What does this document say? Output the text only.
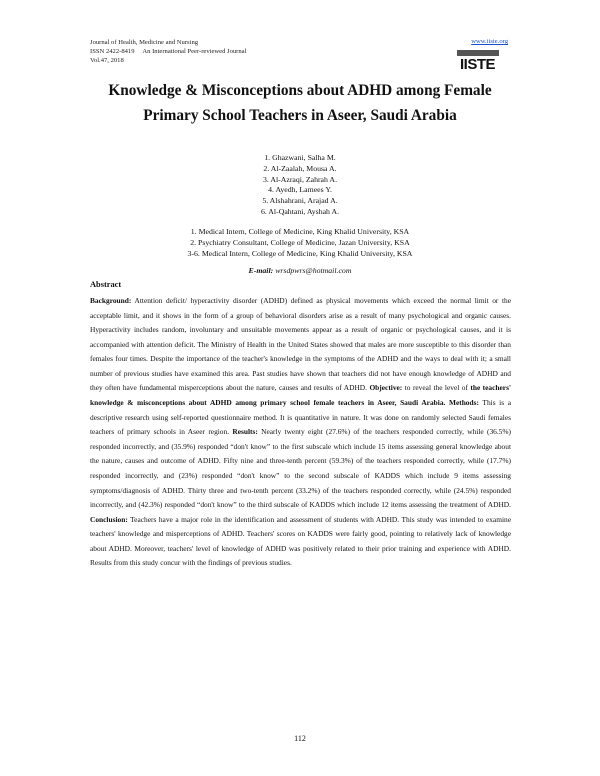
Journal of Health, Medicine and Nursing
ISSN 2422-8419     An International Peer-reviewed Journal
Vol.47, 2018
www.iiste.org
IISTE
Knowledge & Misconceptions about ADHD among Female
Primary School Teachers in Aseer, Saudi Arabia
1. Ghazwani, Salha M.
2. Al-Zaalah, Mousa A.
3. Al-Azraqi, Zahrah A.
4. Ayedh, Lamees Y.
5. Alshahrani, Arajad A.
6. Al-Qahtani, Ayshah A.
1. Medical Intern, College of Medicine, King Khalid University, KSA
2. Psychiatry Consultant, College of Medicine, Jazan University, KSA
3-6. Medical Intern, College of Medicine, King Khalid University, KSA
E-mail: wrsdpwrs@hotmail.com
Abstract
Background: Attention deficit/ hyperactivity disorder (ADHD) defined as physical movements which exceed the normal limit or the acceptable limit, and it shows in the form of a group of behavioral disorders arise as a result of many psychological and organic causes. Hyperactivity includes random, involuntary and unsuitable movements appear as a result of organic or psychological causes, and it is accompanied with attention deficit. The Ministry of Health in the United States showed that males are more susceptible to this disorder than females four times. Despite the importance of the teacher's knowledge in the symptoms of the ADHD and the ways to deal with it; a small number of previous studies have examined this area. Past studies have shown that teachers did not have enough knowledge of ADHD and they often have fundamental misperceptions about the nature, causes and results of ADHD. Objective: to reveal the level of the teachers' knowledge & misconceptions about ADHD among primary school female teachers in Aseer, Saudi Arabia. Methods: This is a descriptive research using self-reported questionnaire method. It is quantitative in nature. It was done on randomly selected Saudi females teachers of primary schools in Aseer region. Results: Nearly twenty eight (27.6%) of the teachers responded correctly, while (36.5%) responded incorrectly, and (35.9%) responded “don't know” to the first subscale which include 15 items assessing general knowledge about the nature, causes and outcome of ADHD. Fifty nine and three-tenth percent (59.3%) of the teachers responded correctly, while (17.7%) responded incorrectly, and (23%) responded “don't know” to the second subscale of KADDS which include 9 items assessing symptoms/diagnosis of ADHD. Thirty three and two-tenth percent (33.2%) of the teachers responded correctly, while (24.5%) responded incorrectly, and (42.3%) responded “don't know” to the third subscale of KADDS which include 12 items assessing the treatment of ADHD. Conclusion: Teachers have a major role in the identification and assessment of students with ADHD. This study was intended to examine teachers' knowledge and misperceptions of ADHD. Teachers' scores on KADDS were fairly good, pointing to relatively lack of knowledge about ADHD. Moreover, teachers' level of knowledge of ADHD was positively related to their prior training and experience with ADHD. Results from this study concur with the findings of previous studies.
112
